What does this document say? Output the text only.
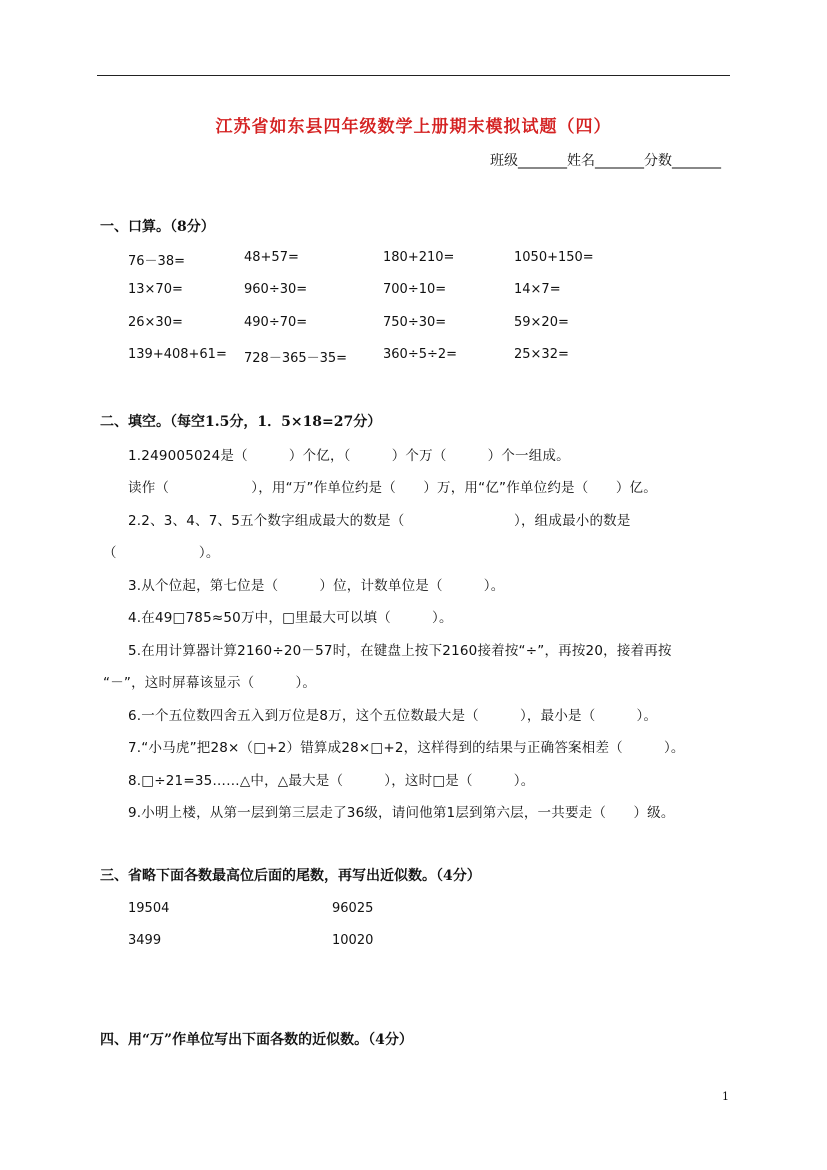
江苏省如东县四年级数学上册期末模拟试题（四）
班级_______姓名_______分数_______
一、口算。（8分）
76－38=	48+57=	180+210=	1050+150=
13×70=	960÷30=	700÷10=	14×7=
26×30=	490÷70=	750÷30=	59×20=
139+408+61= 728－365－35=	360÷5÷2=	25×32=
二、填空。（每空1.5分，1．5×18=27分）
1.249005024是（　　　）个亿，（　　　）个万（　　　）个一组成。
读作（　　　　　　），用“万”作单位约是（　　）万，用“亿”作单位约是（　　）亿。
2.2、3、4、7、5五个数字组成最大的数是（　　　　　　　　），组成最小的数是
（　　　　　　）。
3.从个位起，第七位是（　　　）位，计数单位是（　　　）。
4.在49□785≈50万中，□里最大可以填（　　　）。
5.在用计算器计算2160÷20－57时，在键盘上按下2160接着按“÷”，再按20，接着再按
“－”，这时屏幕该显示（　　　）。
6.一个五位数四舍五入到万位是8万，这个五位数最大是（　　　），最小是（　　　）。
7.“小马虎”把28×（□+2）错算成28×□+2，这样得到的结果与正确答案相差（　　　）。
8.□÷21=35……△中，△最大是（　　　），这时□是（　　　）。
9.小明上楼，从第一层到第三层走了36级，请问他第1层到第六层，一共要走（　　）级。
三、省略下面各数最高位后面的尾数，再写出近似数。（4分）
19504	96025
3499	10020
四、用“万”作单位写出下面各数的近似数。（4分）
1
